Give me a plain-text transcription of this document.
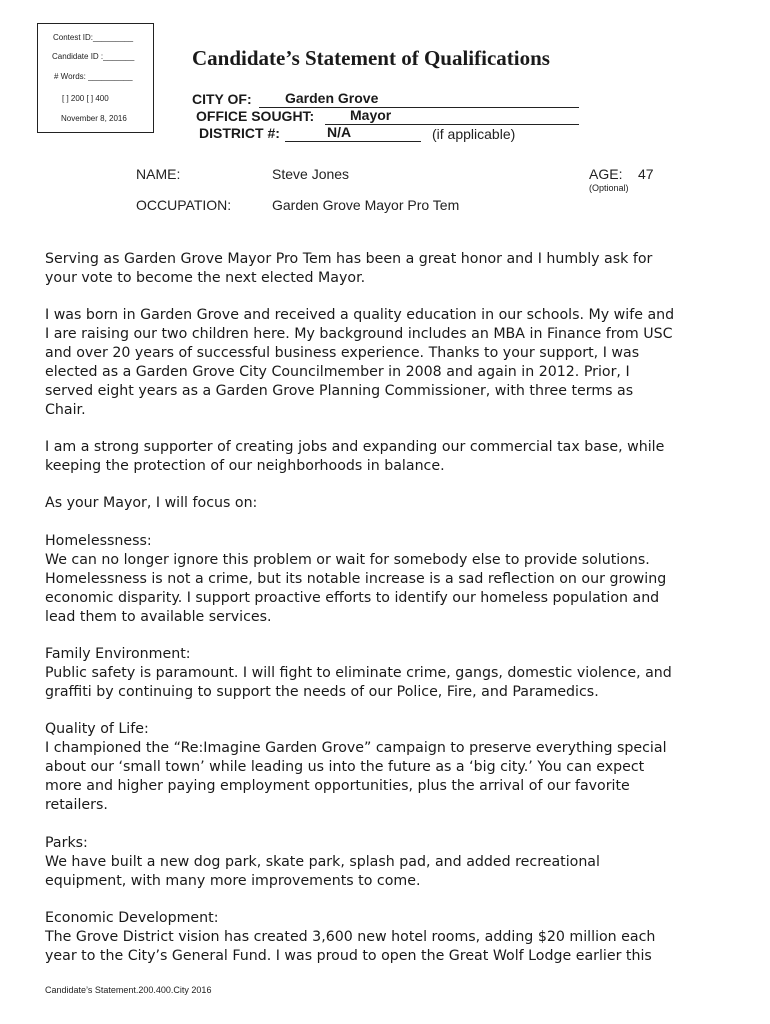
Contest ID:_________
Candidate ID :_______
# Words: __________
[ ] 200 [ ] 400
November 8, 2016
Candidate’s Statement of Qualifications
CITY OF: Garden Grove
OFFICE SOUGHT:	Mayor
DISTRICT #:	N/A	(if applicable)
NAME:	Steve Jones	AGE: 47
(Optional)
OCCUPATION:	Garden Grove Mayor Pro Tem

Serving as Garden Grove Mayor Pro Tem has been a great honor and I humbly ask for

your vote to become the next elected Mayor.

I was born in Garden Grove and received a quality education in our schools. My wife and

I are raising our two children here. My background includes an MBA in Finance from USC

and over 20 years of successful business experience. Thanks to your support, I was

elected as a Garden Grove City Councilmember in 2008 and again in 2012. Prior, I

served eight years as a Garden Grove Planning Commissioner, with three terms as

Chair.

I am a strong supporter of creating jobs and expanding our commercial tax base, while

keeping the protection of our neighborhoods in balance.

As your Mayor, I will focus on:

Homelessness:

We can no longer ignore this problem or wait for somebody else to provide solutions.

Homelessness is not a crime, but its notable increase is a sad reflection on our growing

economic disparity. I support proactive efforts to identify our homeless population and

lead them to available services.

Family Environment:

Public safety is paramount. I will fight to eliminate crime, gangs, domestic violence, and

graffiti by continuing to support the needs of our Police, Fire, and Paramedics.

Quality of Life:

I championed the “Re:Imagine Garden Grove” campaign to preserve everything special

about our ‘small town’ while leading us into the future as a ‘big city.’ You can expect

more and higher paying employment opportunities, plus the arrival of our favorite

retailers.

Parks:

We have built a new dog park, skate park, splash pad, and added recreational

equipment, with many more improvements to come.

Economic Development:

The Grove District vision has created 3,600 new hotel rooms, adding $20 million each

year to the City’s General Fund. I was proud to open the Great Wolf Lodge earlier this

Candidate’s Statement.200.400.City 2016
